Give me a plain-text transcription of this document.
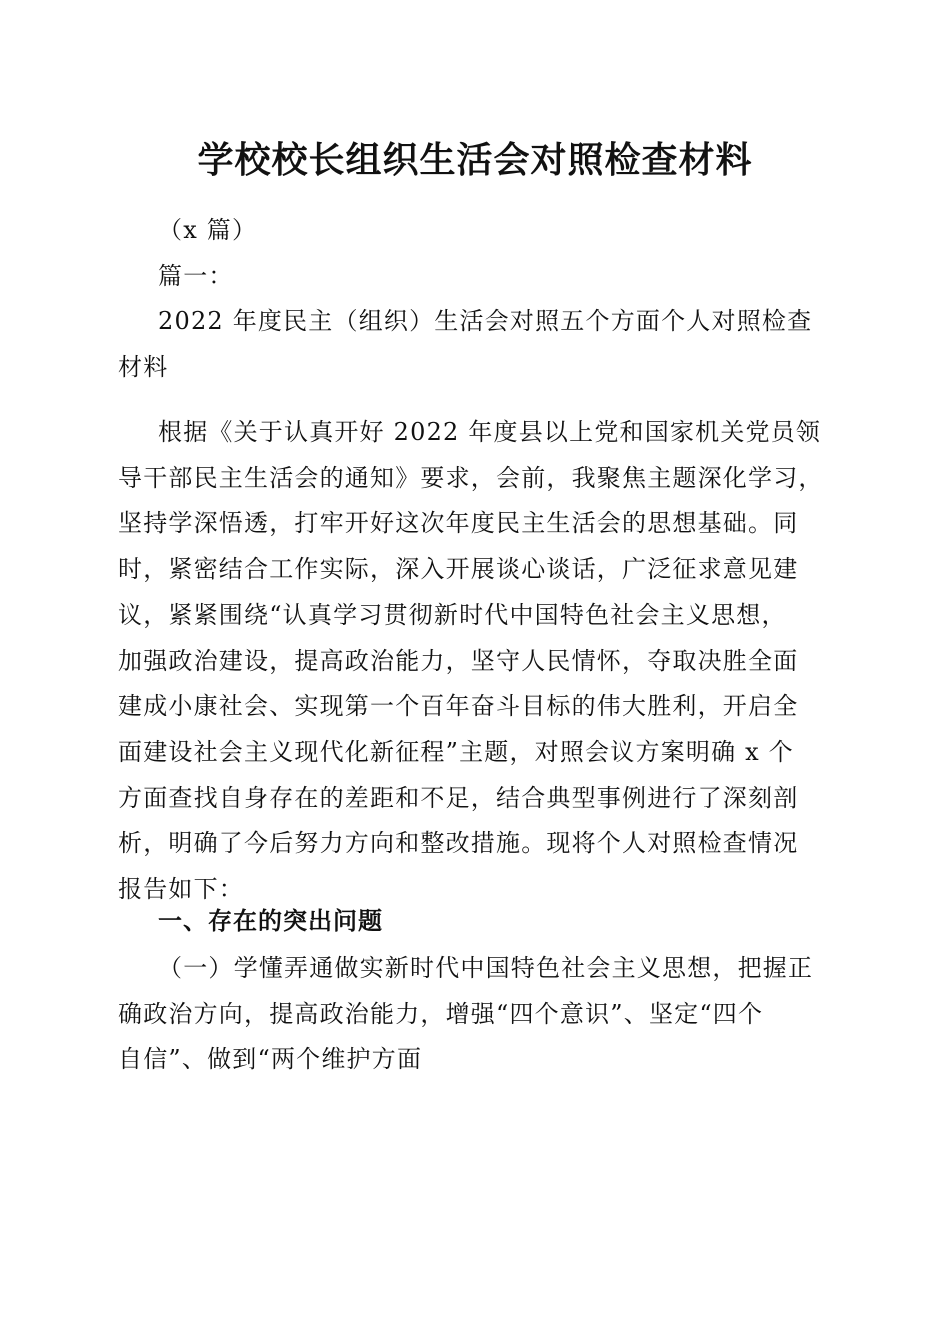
学校校长组织生活会对照检查材料
（x 篇）
篇一：
2022 年度民主（组织）生活会对照五个方面个人对照检查
材料
根据《关于认真开好 2022 年度县以上党和国家机关党员领
导干部民主生活会的通知》要求，会前，我聚焦主题深化学习，
坚持学深悟透，打牢开好这次年度民主生活会的思想基础。同
时，紧密结合工作实际，深入开展谈心谈话，广泛征求意见建
议，紧紧围绕“认真学习贯彻新时代中国特色社会主义思想，
加强政治建设，提高政治能力，坚守人民情怀，夺取决胜全面
建成小康社会、实现第一个百年奋斗目标的伟大胜利，开启全
面建设社会主义现代化新征程”主题，对照会议方案明确 x 个
方面查找自身存在的差距和不足，结合典型事例进行了深刻剖
析，明确了今后努力方向和整改措施。现将个人对照检查情况
报告如下：
一、存在的突出问题
（一）学懂弄通做实新时代中国特色社会主义思想，把握正
确政治方向，提高政治能力，增强“四个意识”、坚定“四个
自信”、做到“两个维护方面
